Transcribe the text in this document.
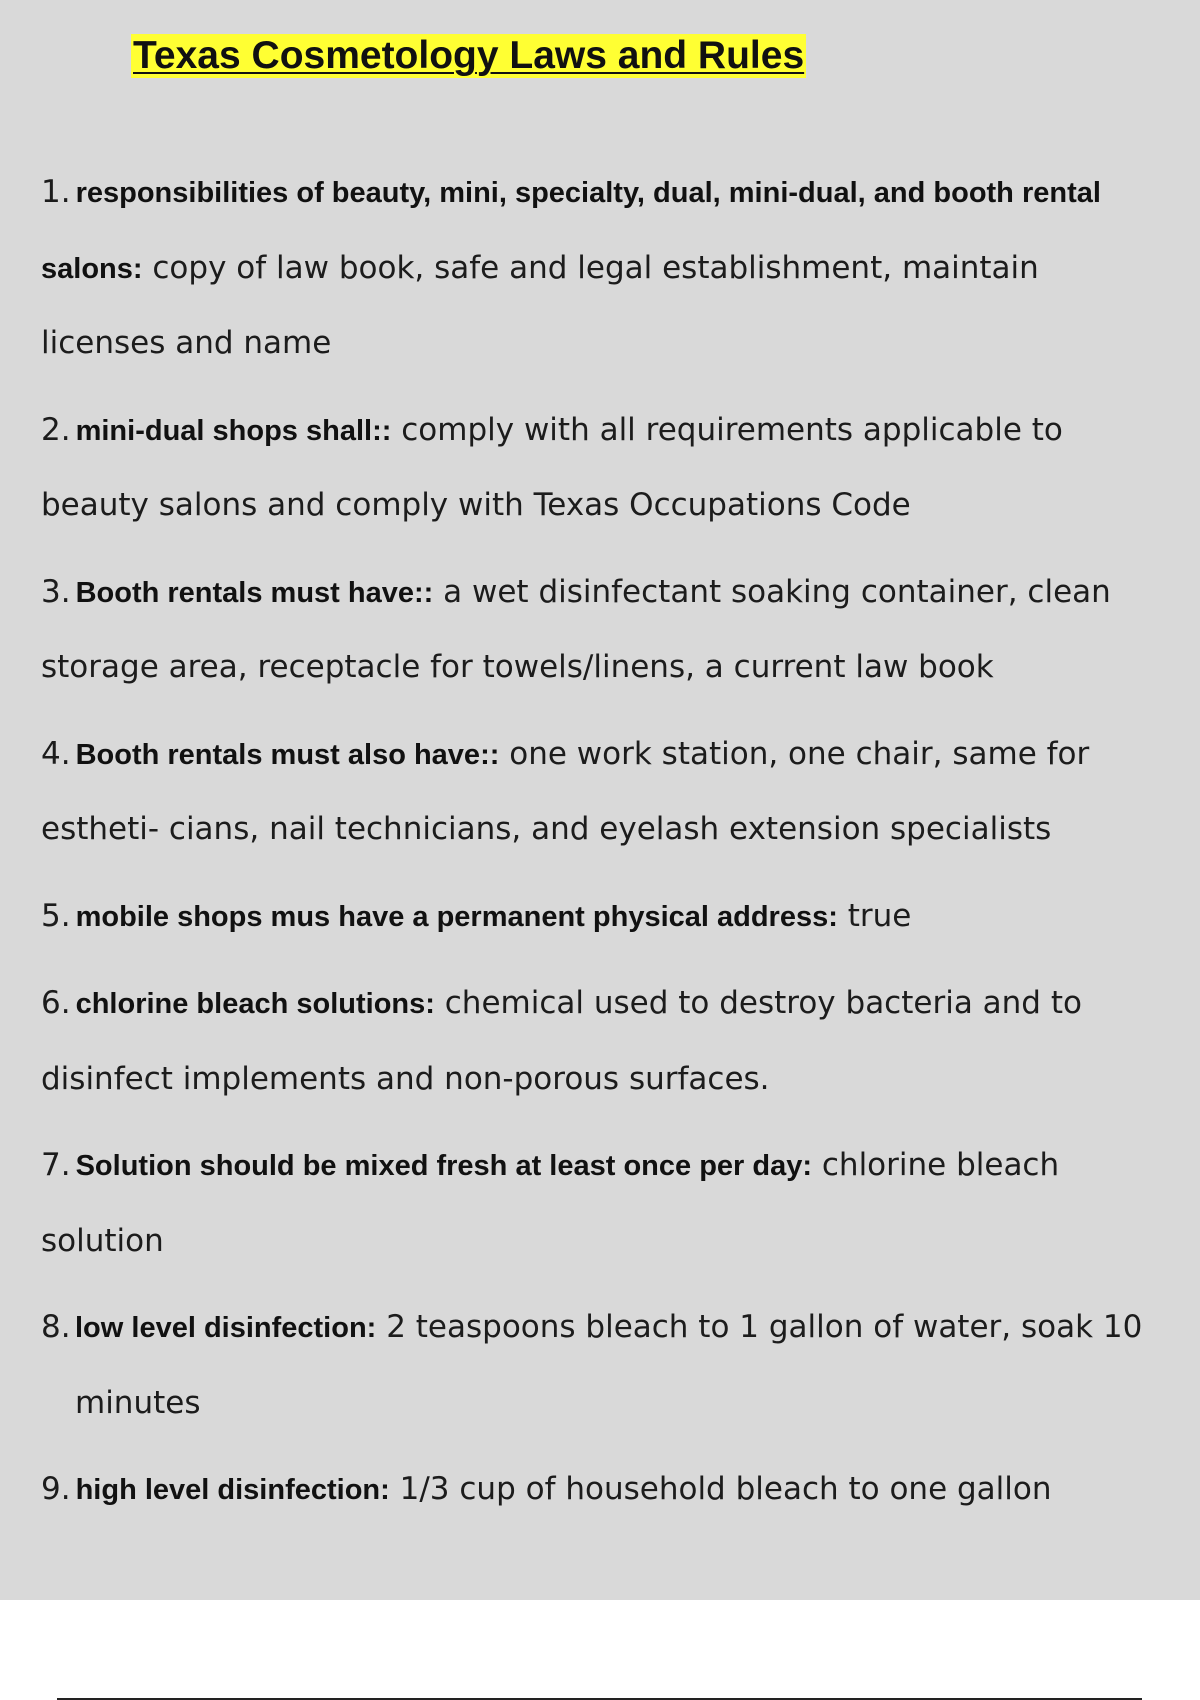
Texas Cosmetology Laws and Rules
1. responsibilities of beauty, mini, specialty, dual, mini-dual, and booth rental salons: copy of law book, safe and legal establishment, maintain licenses and name
2. mini-dual shops shall:: comply with all requirements applicable to beauty salons and comply with Texas Occupations Code
3. Booth rentals must have:: a wet disinfectant soaking container, clean storage area, receptacle for towels/linens, a current law book
4. Booth rentals must also have:: one work station, one chair, same for estheti- cians, nail technicians, and eyelash extension specialists
5. mobile shops mus have a permanent physical address: true
6. chlorine bleach solutions: chemical used to destroy bacteria and to disinfect implements and non-porous surfaces.
7. Solution should be mixed fresh at least once per day: chlorine bleach solution
8. low level disinfection: 2 teaspoons bleach to 1 gallon of water, soak 10 minutes
9. high level disinfection: 1/3 cup of household bleach to one gallon
